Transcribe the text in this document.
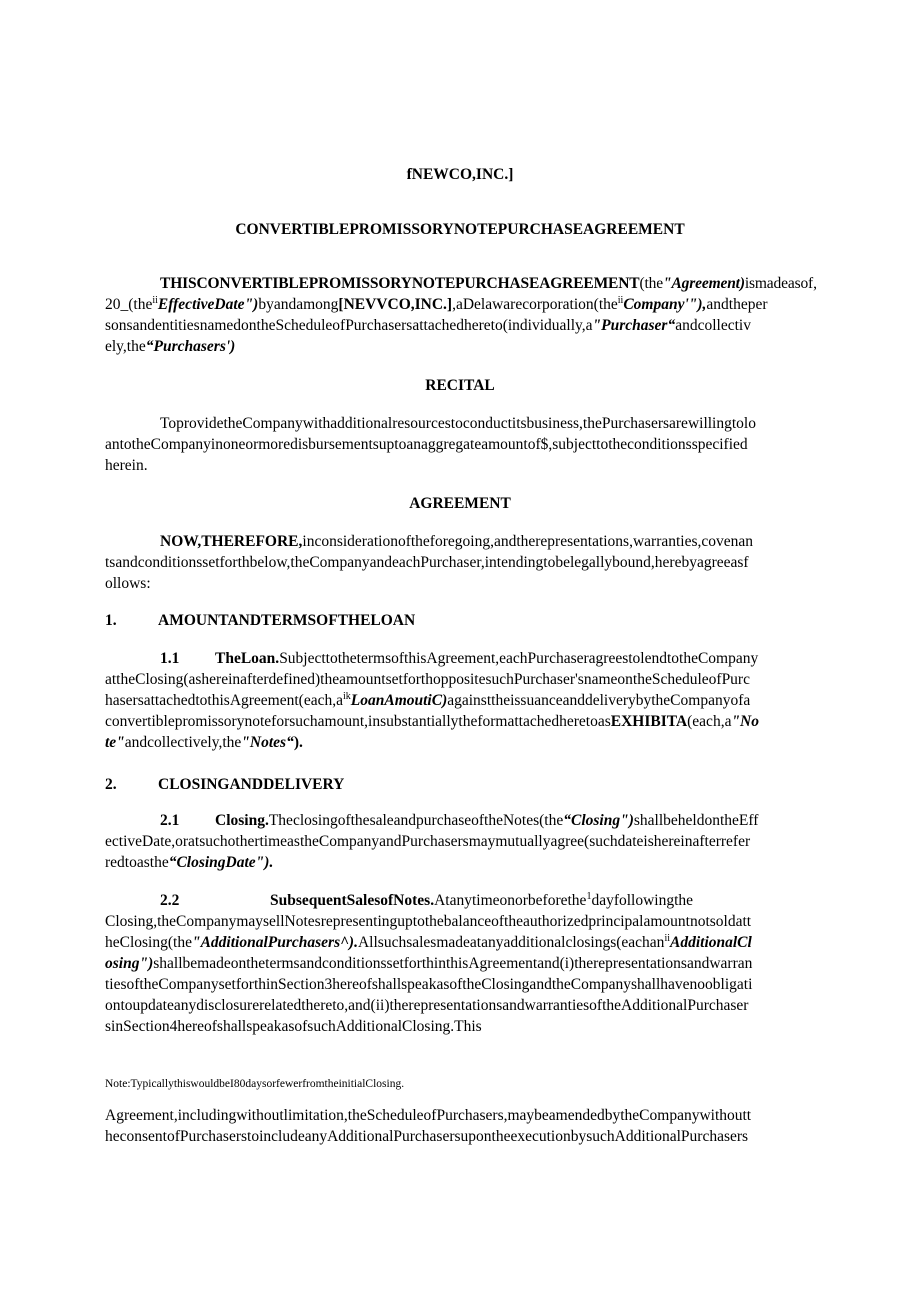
fNEWCO,INC.]
CONVERTIBLEPROMISSORYNOTEPURCHASEAGREEMENT
THISCONVERTIBLEPROMISSORYNOTEPURCHASEAGREEMENT(the"Agreement)ismadeasof,
20_(the$^{ii}$EffectiveDate")byandamong[NEVVCO,INC.],aDelawarecorporation(the$^{ii}$Company'"),andtheper
sonsandentitiesnamedontheScheduleofPurchasersattachedhereto(individually,a"Purchaser“andcollectiv
ely,the“Purchasers')
RECITAL
ToprovidetheCompanywithadditionalresourcestoconductitsbusiness,thePurchasersarewillingtolo
antotheCompanyinoneormoredisbursementsuptoanaggregateamountof$,subjecttotheconditionsspecified
herein.
AGREEMENT
NOW,THEREFORE,inconsiderationoftheforegoing,andtherepresentations,warranties,covenan
tsandconditionssetforthbelow,theCompanyandeachPurchaser,intendingtobelegallybound,herebyagreeasf
ollows:
1.	AMOUNTANDTERMSOFTHELOAN
1.1 TheLoan.SubjecttothetermsofthisAgreement,eachPurchaseragreestolendtotheCompany
attheClosing(ashereinafterdefined)theamountsetforthoppositesuchPurchaser'snameontheScheduleofPurc
$hasersattachedtothisAgreement(each,a^{ik}LoanAmoutiC)againsttheissuanceanddeliverybytheCompanyofa$
convertiblepromissorynoteforsuchamount,insubstantiallytheformattachedheretoasEXHIBITA(each,a"No
te"andcollectively,the"Notes“).
2.	CLOSINGANDDELIVERY
2.1 Closing.TheclosingofthesaleandpurchaseoftheNotes(the“Closing")shallbeheldontheEff
ectiveDate,oratsuchothertimeastheCompanyandPurchasersmaymutuallyagree(suchdateishereinafterrefer
redtoasthe“ClosingDate").
2.2	SubsequentSalesofNotes.Atanytimeonorbeforethe$^1$dayfollowingthe
Closing,theCompanymaysellNotesrepresentinguptothebalanceoftheauthorizedprincipalamountnotsoldatt
heClosing(the"AdditionalPurchasers^).Allsuchsalesmadeatanyadditionalclosings(eachan$^{ii}$AdditionalCl
osing")shallbemadeonthetermsandconditionssetforthinthisAgreementand(i)therepresentationsandwarran
tiesoftheCompanysetforthinSection3hereofshallspeakasoftheClosingandtheCompanyshallhavenoobligati
ontoupdateanydisclosurerelatedthereto,and(ii)therepresentationsandwarrantiesoftheAdditionalPurchaser
sinSection4hereofshallspeakasofsuchAdditionalClosing.This
Note:TypicallythiswouldbeI80daysorfewerfromtheinitialClosing.
Agreement,includingwithoutlimitation,theScheduleofPurchasers,maybeamendedbytheCompanywithoutt
heconsentofPurchaserstoincludeanyAdditionalPurchasersupontheexecutionbysuchAdditionalPurchasers
